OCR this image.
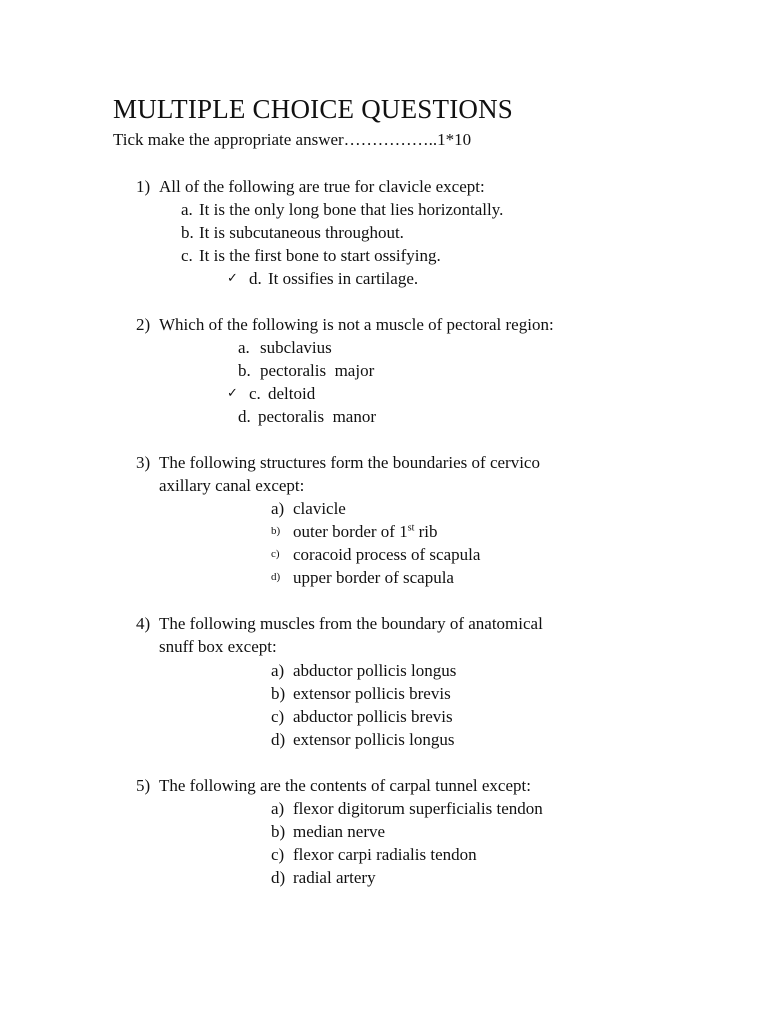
MULTIPLE CHOICE QUESTIONS
Tick make the appropriate answer……………..1*10
1) All of the following are true for clavicle except:
a. It is the only long bone that lies horizontally.
b. It is subcutaneous throughout.
c. It is the first bone to start ossifying.
✓ d. It ossifies in cartilage.
2) Which of the following is not a muscle of pectoral region:
a. subclavius
b. pectoralis  major
✓ c. deltoid
d. pectoralis  manor
3) The following structures form the boundaries of cervico
axillary canal except:
a) clavicle
b) outer border of 1st rib
c) coracoid process of scapula
d) upper border of scapula
4) The following muscles from the boundary of anatomical
snuff box except:
a) abductor pollicis longus
b) extensor pollicis brevis
c) abductor pollicis brevis
d) extensor pollicis longus
5) The following are the contents of carpal tunnel except:
a) flexor digitorum superficialis tendon
b) median nerve
c) flexor carpi radialis tendon
d) radial artery
